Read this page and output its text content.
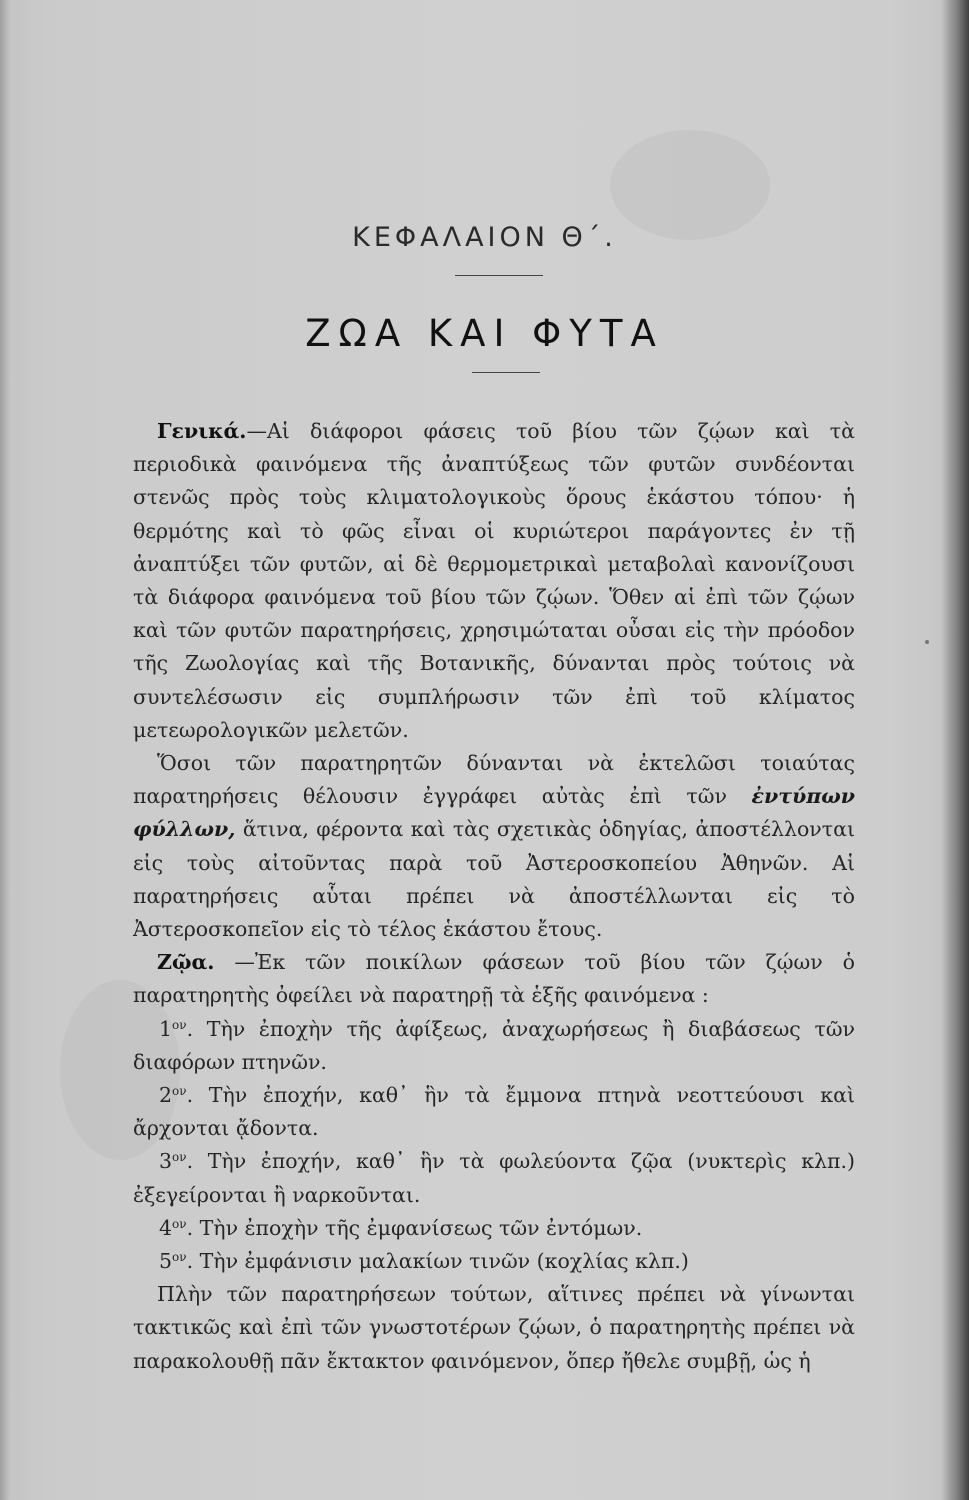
ΚΕΦΑΛΑΙΟΝ Θ΄.
ΖΩΑ ΚΑΙ ΦΥΤΑ

Γενικά.—Αἱ διάφοροι φάσεις τοῦ βίου τῶν ζῴων καὶ τὰ περιοδικὰ φαινόμενα τῆς ἀναπτύξεως τῶν φυτῶν συνδέονται στενῶς πρὸς τοὺς κλιματολογικοὺς ὅρους ἑκάστου τόπου· ἡ θερμότης καὶ τὸ φῶς εἶναι οἱ κυριώτεροι παράγοντες ἐν τῇ ἀναπτύξει τῶν φυτῶν, αἱ δὲ θερμομετρικαὶ μεταβολαὶ κανονίζουσι τὰ διάφορα φαινόμενα τοῦ βίου τῶν ζῴων. Ὅθεν αἱ ἐπὶ τῶν ζῴων καὶ τῶν φυτῶν παρατηρήσεις, χρησιμώταται οὖσαι εἰς τὴν πρόοδον τῆς Ζωολογίας καὶ τῆς Βοτανικῆς, δύνανται πρὸς τούτοις νὰ συντελέσωσιν εἰς συμπλήρωσιν τῶν ἐπὶ τοῦ κλίματος μετεωρολογικῶν μελετῶν.

Ὅσοι τῶν παρατηρητῶν δύνανται νὰ ἐκτελῶσι τοιαύτας παρατηρήσεις θέλουσιν ἐγγράφει αὐτὰς ἐπὶ τῶν ἐντύπων φύλλων, ἅτινα, φέροντα καὶ τὰς σχετικὰς ὁδηγίας, ἀποστέλλονται εἰς τοὺς αἰτοῦντας παρὰ τοῦ Ἀστεροσκοπείου Ἀθηνῶν. Αἱ παρατηρήσεις αὗται πρέπει νὰ ἀποστέλλωνται εἰς τὸ Ἀστεροσκοπεῖον εἰς τὸ τέλος ἑκάστου ἔτους.

Ζῷα. —Ἐκ τῶν ποικίλων φάσεων τοῦ βίου τῶν ζῴων ὁ παρατηρητὴς ὀφείλει νὰ παρατηρῇ τὰ ἑξῆς φαινόμενα :

$1^{o\nu}$. Τὴν ἐποχὴν τῆς ἀφίξεως, ἀναχωρήσεως ἢ διαβάσεως τῶν διαφόρων πτηνῶν.

$2^{o\nu}$. Τὴν ἐποχήν, καθ᾽ ἣν τὰ ἔμμονα πτηνὰ νεοττεύουσι καὶ ἄρχονται ᾄδοντα.

$3^{o\nu}$. Τὴν ἐποχήν, καθ᾽ ἣν τὰ φωλεύοντα ζῷα (νυκτερὶς κλπ.) ἐξεγείρονται ἢ ναρκοῦνται.

$4^{o\nu}$. Τὴν ἐποχὴν τῆς ἐμφανίσεως τῶν ἐντόμων.

$5^{o\nu}$. Τὴν ἐμφάνισιν μαλακίων τινῶν (κοχλίας κλπ.)

Πλὴν τῶν παρατηρήσεων τούτων, αἵτινες πρέπει νὰ γίνωνται τακτικῶς καὶ ἐπὶ τῶν γνωστοτέρων ζῴων, ὁ παρατηρητὴς πρέπει νὰ παρακολουθῇ πᾶν ἔκτακτον φαινόμενον, ὅπερ ἤθελε συμβῇ, ὡς ἡ
